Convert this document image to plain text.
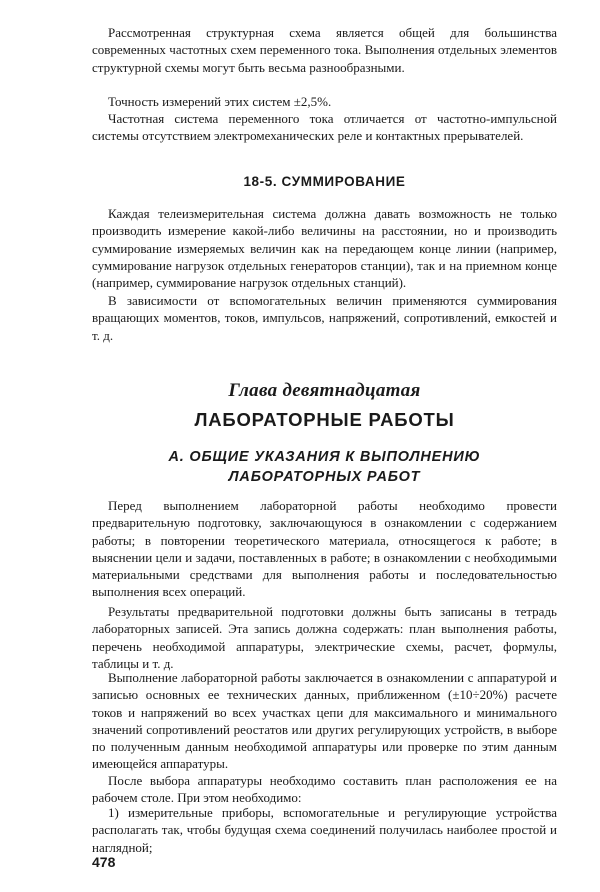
Рассмотренная структурная схема является общей для большинства современных частотных схем переменного тока. Выполнения отдельных элементов структурной схемы могут быть весьма разнообразными.

Точность измерений этих систем ±2,5%.

Частотная система переменного тока отличается от частотно-импульсной системы отсутствием электромеханических реле и контактных прерывателей.

18-5. СУММИРОВАНИЕ

Каждая телеизмерительная система должна давать возможность не только производить измерение какой-либо величины на расстоянии, но и производить суммирование измеряемых величин как на передающем конце линии (например, суммирование нагрузок отдельных генераторов станции), так и на приемном конце (например, суммирование нагрузок отдельных станций).

В зависимости от вспомогательных величин применяются суммирования вращающих моментов, токов, импульсов, напряжений, сопротивлений, емкостей и т. д.

Глава девятнадцатая
ЛАБОРАТОРНЫЕ РАБОТЫ
А. ОБЩИЕ УКАЗАНИЯ К ВЫПОЛНЕНИЮ
ЛАБОРАТОРНЫХ РАБОТ

Перед выполнением лабораторной работы необходимо провести предварительную подготовку, заключающуюся в ознакомлении с содержанием работы; в повторении теоретического материала, относящегося к работе; в выяснении цели и задачи, поставленных в работе; в ознакомлении с необходимыми материальными средствами для выполнения работы и последовательностью выполнения всех операций.

Результаты предварительной подготовки должны быть записаны в тетрадь лабораторных записей. Эта запись должна содержать: план выполнения работы, перечень необходимой аппаратуры, электрические схемы, расчет, формулы, таблицы и т. д.

Выполнение лабораторной работы заключается в ознакомлении с аппаратурой и записью основных ее технических данных, приближенном (±10÷20%) расчете токов и напряжений во всех участках цепи для максимального и минимального значений сопротивлений реостатов или других регулирующих устройств, в выборе по полученным данным необходимой аппаратуры или проверке по этим данным имеющейся аппаратуры.

После выбора аппаратуры необходимо составить план расположения ее на рабочем столе. При этом необходимо:

1) измерительные приборы, вспомогательные и регулирующие устройства располагать так, чтобы будущая схема соединений получилась наиболее простой и наглядной;

478
